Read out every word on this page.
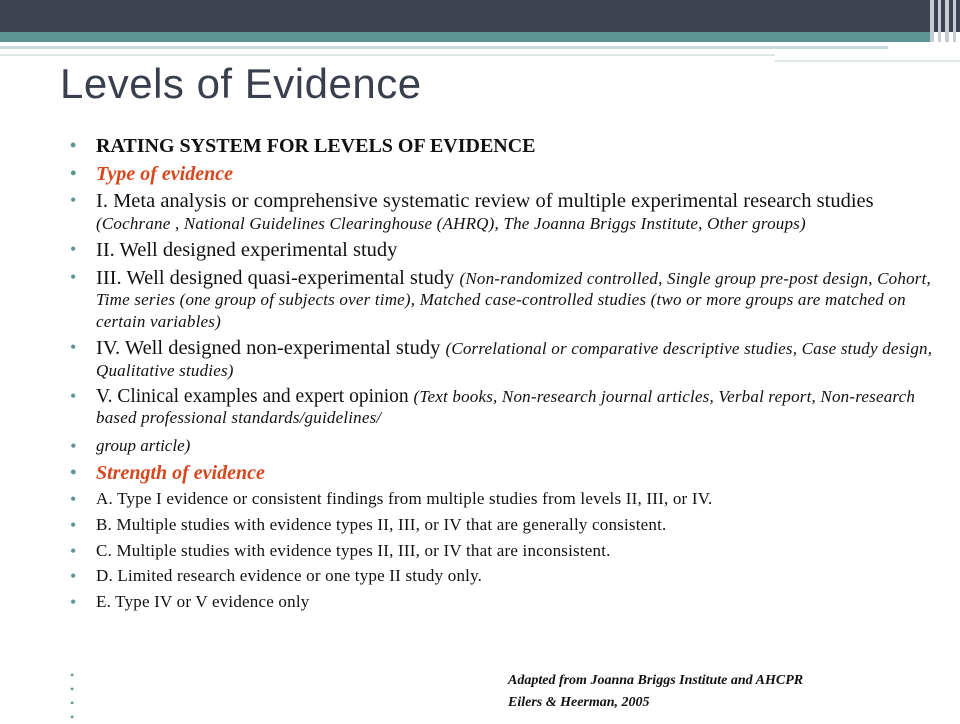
Levels of Evidence
• RATING SYSTEM FOR LEVELS OF EVIDENCE
• Type of evidence
• I. Meta analysis or comprehensive systematic review of multiple experimental research studies (Cochrane , National Guidelines Clearinghouse (AHRQ), The Joanna Briggs Institute, Other groups)
• II. Well designed experimental study
• III. Well designed quasi-experimental study (Non-randomized controlled, Single group pre-post design, Cohort, Time series (one group of subjects over time), Matched case-controlled studies (two or more groups are matched on certain variables)
• IV. Well designed non-experimental study (Correlational or comparative descriptive studies, Case study design, Qualitative studies)
• V. Clinical examples and expert opinion (Text books, Non-research journal articles, Verbal report, Non-research based professional standards/guidelines/
• group article)
• Strength of evidence
• A. Type I evidence or consistent findings from multiple studies from levels II, III, or IV.
• B. Multiple studies with evidence types II, III, or IV that are generally consistent.
• C. Multiple studies with evidence types II, III, or IV that are inconsistent.
• D. Limited research evidence or one type II study only.
• E. Type IV or V evidence only
•
•
•
•
Adapted from Joanna Briggs Institute and AHCPR
Eilers & Heerman, 2005
